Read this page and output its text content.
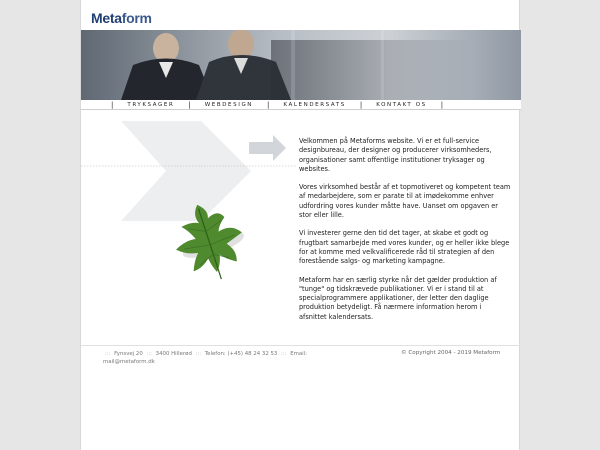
Metaform
|	TRYKSAGER |	WEBDESIGN |	KALENDERSATS |	KONTAKT OS |

Velkommen på Metaforms website. Vi er et full-service designbureau, der designer og producerer virksomheders, organisationer samt offentlige institutioner tryksager og websites.

Vores virksomhed består af et topmotiveret og kompetent team af medarbejdere, som er parate til at imødekomme enhver udfordring vores kunder måtte have. Uanset om opgaven er stor eller lille.

Vi investerer gerne den tid det tager, at skabe et godt og frugtbart samarbejde med vores kunder, og er heller ikke blege for at komme med velkvalificerede råd til strategien af den forestående salgs- og marketing kampagne.

Metaform har en særlig styrke når det gælder produktion af "tunge" og tidskrævede publikationer. Vi er i stand til at specialprogrammere applikationer, der letter den daglige produktion betydeligt. Få nærmere information herom i afsnittet kalendersats.

::: Fynsvej 20 ::: 3400 Hillerød ::: Telefon: (+45) 48 24 32 53 ::: Email: mail@metaform.dk
© Copyright 2004 - 2019 Metaform
